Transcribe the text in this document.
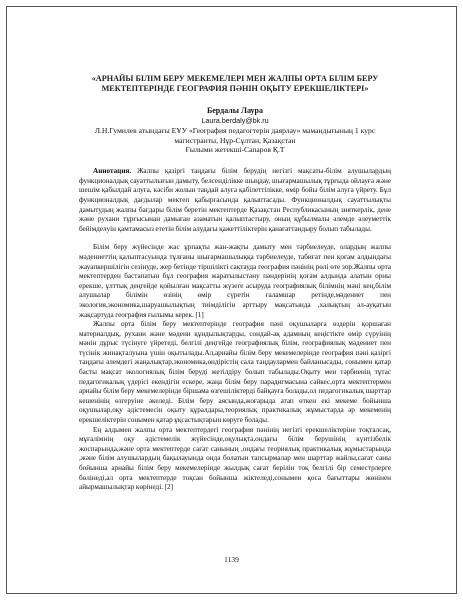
«АРНАЙЫ БІЛІМ БЕРУ МЕКЕМЕЛЕРІ МЕН ЖАЛПЫ ОРТА БІЛІМ БЕРУ
МЕКТЕПТЕРІНДЕ ГЕОГРАФИЯ ПӘНІН ОҚЫТУ ЕРЕКШЕЛІКТЕРІ»
Бердалы Лаура
Laura.berdaly@bk.ru
Л.Н.Гумилев атындағы ЕҰУ «География педагогтерін даярлау» мамандығының 1 курс
магистранты, Нұр-Сұлтан, Қазақстан
Ғылыми жетекші-Сапаров Қ.Т

Аннотация. Жалпы қазіргі таңдағы білім берудің негізгі мақсаты-білім алушылардың функционалдық сауаттылығын дамыту, белсенділікке шыңдау, шығармашылық тұрғыда ойлауға және шешім қабылдай алуға, кәсіби жолын таңдай алуға қабілеттілікке, өмір бойы білім алуға үйрету. Бұл функционалдық дағдылар мектеп қабырғасында қалыптасады. Функционалдық сауаттылықты дамытудың жалпы бағдары білім беретін мектептерде Қазақстан Республикасының зияткерлік, дене және рухани тұрғысынан дамыған азаматын қалыптастыру, оның құбылмалы әлемде әлеуметтік бейімделуін қамтамасыз ететін білім алудағы қажеттіліктерін қанағаттандыру болып табылады.

Білім беру жүйесінде жас ұрпақты жан-жақты дамыту мен тәрбиелеуде, олардың жалпы мәдениеттің қалыптасуында тұлғаны шығармашылыққа тәрбиелеуде, табиғат пен қоғам алдындағы жауапкершілігін сезінуде, жер бетінде тіршілікті сақтауда география пәнінің рөлі өте зор.Жалпы орта мектептерден бастапатын бұл география жаратылыстану пәндерінің қоғам алдында алатын орны ерекше, ұлттық деңгейде қойылған мақсатты жүзеге асыруда географиялық білімнің мәні кең,білім алушылар білімін өзінің өмір сүретін ғаламшар ретінде,мәдениет пен экология,экономика,шаруашылықтың тиімділігін арттыру мақсатында ,халықтың әл-ауқатын жақсартуда география ғылымы керек. [1]

Жалпы орта білім беру мектептерінде география пәні оқушыларға өздерін қоршаған материалдық, рухани және мәдени құндылықтарды, сондай-ақ адамның кеңістікте өмір сүруінің мәнін дұрыс түсінуге үйретеді, белгілі деңгейде географиялық білім, географиялық мәдениет пен түсінік жинақталуына үшін оқытылады.Ал,арнайы білім беру мекемелерінде география пәні қазіргі таңдағы әлемдегі жаңалықтар,экономика,өндірістің сала таңдаулармен байланысады, сонымен қатар басты мақсат экологиялық білім беруді жетілдіру болып табылады.Оқыту мен тәрбиенің тұтас педагогикалық үдерісі екендігін ескере, жаңа білім беру парадигмасына сәйкес,орта мектептермен арнайы білім беру мекемелерінде біршама өзгешіліктерді байқауға болады,ол педагогикалық шарттар кешенінің өзгеруіне әкеледі. Білім беру аясында,жоғарыда атап өткен екі мекеме бойынша оқушылар,оқу әдістемесін оқыту құралдары,теориялық практикалық жұмыстарда әр мекеменің ерекшеліктерін сонымен қатар ұқсастықтарын көруге болады.

Ең алдымен жалпы орта мектептердегі география пәнінің негізгі ерекшеліктеріне тоқталсақ, мұғалімнің оқу әдістемелік жүйесінде,оқулықта,ондағы білім берушінің күнтізбелік жоспарында,және орта мектептерде сағат санының ,ондағы теориялық практикалық жұмыстарында ,және білім алушылардың бақылауында онда болатын тапсырмалар мен шарттар жайлы,сағат саны бойынша арнайы білім беру мекемелерінде жылдық сағат берілін тоқ белгілі бір семестрлерге бөлінеді,ал орта мектептерде тоқсан бойынша жіктеледі,сонымен қоса бағыттары жөнінен айырмашылықтар көрінеді. [2]

1139
